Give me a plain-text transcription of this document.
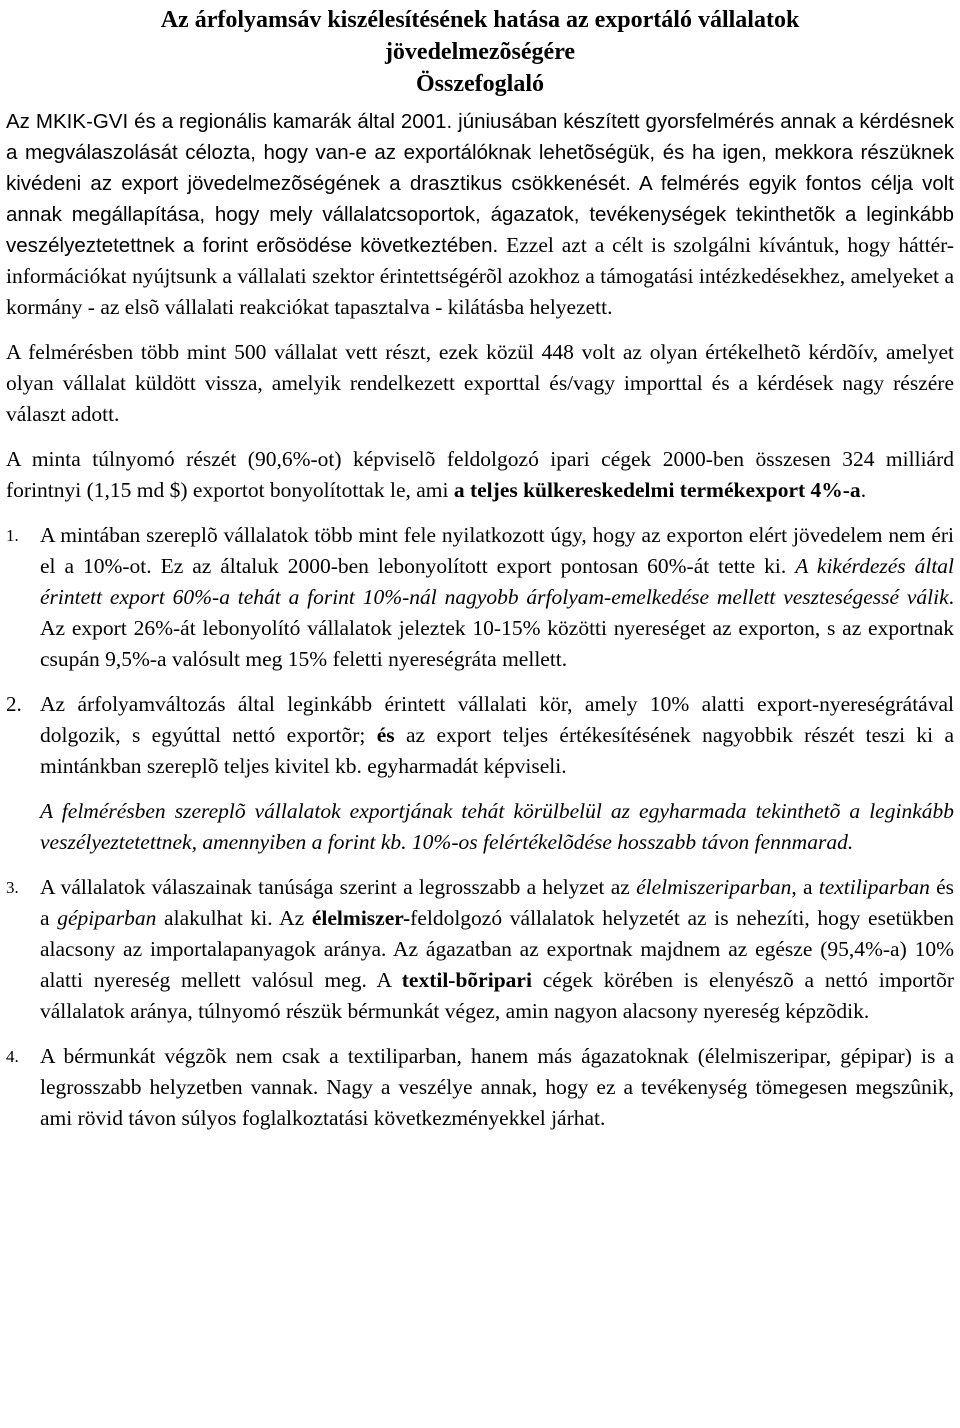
Az árfolyamsáv kiszélesítésének hatása az exportáló vállalatok
jövedelmezõségére
Összefoglaló

Az MKIK-GVI és a regionális kamarák által 2001. júniusában készített gyorsfelmérés annak a kérdésnek a megválaszolását célozta, hogy van-e az exportálóknak lehetõségük, és ha igen, mekkora részüknek kivédeni az export jövedelmezõségének a drasztikus csökkenését. A felmérés egyik fontos célja volt annak megállapítása, hogy mely vállalatcsoportok, ágazatok, tevékenységek tekinthetõk a leginkább veszélyeztetettnek a forint erõsödése következtében. Ezzel azt a célt is szolgálni kívántuk, hogy háttér-információkat nyújtsunk a vállalati szektor érintettségérõl azokhoz a támogatási intézkedésekhez, amelyeket a kormány - az elsõ vállalati reakciókat tapasztalva - kilátásba helyezett.

A felmérésben több mint 500 vállalat vett részt, ezek közül 448 volt az olyan értékelhetõ kérdõív, amelyet olyan vállalat küldött vissza, amelyik rendelkezett exporttal és/vagy importtal és a kérdések nagy részére választ adott.

A minta túlnyomó részét (90,6%-ot) képviselõ feldolgozó ipari cégek 2000-ben összesen 324 milliárd forintnyi (1,15 md $) exportot bonyolítottak le, ami a teljes külkereskedelmi termékexport 4%-a.

1. A mintában szereplõ vállalatok több mint fele nyilatkozott úgy, hogy az exporton elért jövedelem nem éri el a 10%-ot. Ez az általuk 2000-ben lebonyolított export pontosan 60%-át tette ki. A kikérdezés által érintett export 60%-a tehát a forint 10%-nál nagyobb árfolyam-emelkedése mellett veszteségessé válik. Az export 26%-át lebonyolító vállalatok jeleztek 10-15% közötti nyereséget az exporton, s az exportnak csupán 9,5%-a valósult meg 15% feletti nyereségráta mellett.
2. Az árfolyamváltozás által leginkább érintett vállalati kör, amely 10% alatti export-nyereségrátával dolgozik, s egyúttal nettó exportõr; és az export teljes értékesítésének nagyobbik részét teszi ki a mintánkban szereplõ teljes kivitel kb. egyharmadát képviseli.

A felmérésben szereplõ vállalatok exportjának tehát körülbelül az egyharmada tekinthetõ a leginkább veszélyeztetettnek, amennyiben a forint kb. 10%-os felértékelõdése hosszabb távon fennmarad.

3. A vállalatok válaszainak tanúsága szerint a legrosszabb a helyzet az élelmiszeriparban, a textiliparban és a gépiparban alakulhat ki. Az élelmiszer-feldolgozó vállalatok helyzetét az is nehezíti, hogy esetükben alacsony az importalapanyagok aránya. Az ágazatban az exportnak majdnem az egésze (95,4%-a) 10% alatti nyereség mellett valósul meg. A textil-bõripari cégek körében is elenyészõ a nettó importõr vállalatok aránya, túlnyomó részük bérmunkát végez, amin nagyon alacsony nyereség képzõdik.
4. A bérmunkát végzõk nem csak a textiliparban, hanem más ágazatoknak (élelmiszeripar, gépipar) is a legrosszabb helyzetben vannak. Nagy a veszélye annak, hogy ez a tevékenység tömegesen megszûnik, ami rövid távon súlyos foglalkoztatási következményekkel járhat.
